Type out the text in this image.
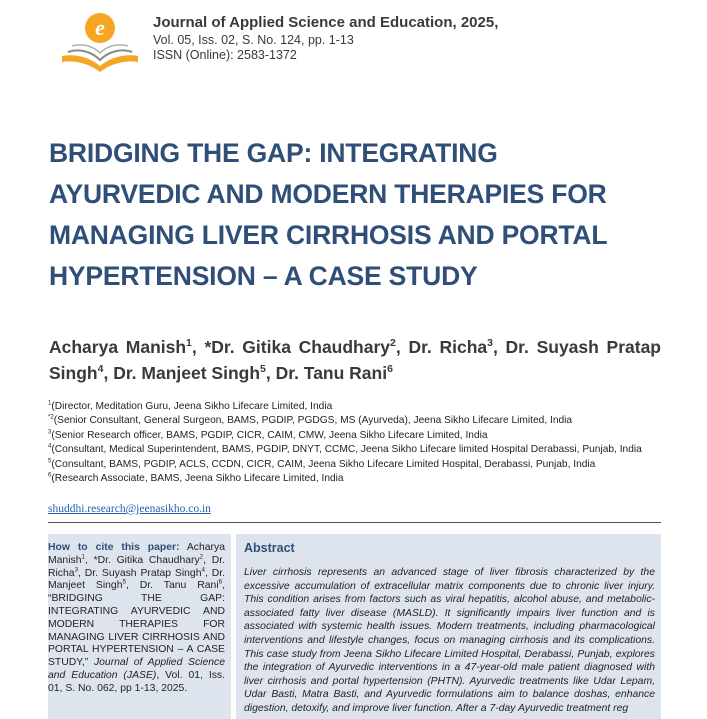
e	Journal of Applied Science and Education, 2025,
Vol. 05, Iss. 02, S. No. 124, pp. 1-13
ISSN (Online): 2583-1372
BRIDGING THE GAP: INTEGRATING
AYURVEDIC AND MODERN THERAPIES FOR
MANAGING LIVER CIRRHOSIS AND PORTAL
HYPERTENSION – A CASE STUDY
Acharya Manish$^1$, *Dr. Gitika Chaudhary$^2$, Dr. Richa$^3$, Dr. Suyash Pratap Singh$^4$, Dr. Manjeet Singh$^5$, Dr. Tanu Rani$^6$
$^1$(Director, Meditation Guru, Jeena Sikho Lifecare Limited, India
$^{*2}$(Senior Consultant, General Surgeon, BAMS, PGDIP, PGDGS, MS (Ayurveda), Jeena Sikho Lifecare Limited, India
$^3$(Senior Research officer, BAMS, PGDIP, CICR, CAIM, CMW, Jeena Sikho Lifecare Limited, India
$^4$(Consultant, Medical Superintendent, BAMS, PGDIP, DNYT, CCMC, Jeena Sikho Lifecare limited Hospital Derabassi, Punjab, India
$^5$(Consultant, BAMS, PGDIP, ACLS, CCDN, CICR, CAIM, Jeena Sikho Lifecare Limited Hospital, Derabassi, Punjab, India
$^6$(Research Associate, BAMS, Jeena Sikho Lifecare Limited, India
shuddhi.research@jeenasikho.co.in
How to cite this paper: Acharya Manish$^1$, *Dr. Gitika Chaudhary$^2$, Dr. Richa$^3$, Dr. Suyash Pratap Singh$^4$, Dr. Manjeet Singh$^5$, Dr. Tanu Rani$^6$, “BRIDGING THE GAP: INTEGRATING AYURVEDIC AND MODERN THERAPIES FOR MANAGING LIVER CIRRHOSIS AND PORTAL HYPERTENSION – A CASE STUDY,” Journal of Applied Science and Education (JASE), Vol. 01, Iss. 01, S. No. 062, pp 1-13, 2025.
Abstract

Liver cirrhosis represents an advanced stage of liver fibrosis characterized by the excessive accumulation of extracellular matrix components due to chronic liver injury. This condition arises from factors such as viral hepatitis, alcohol abuse, and metabolic-associated fatty liver disease (MASLD). It significantly impairs liver function and is associated with systemic health issues. Modern treatments, including pharmacological interventions and lifestyle changes, focus on managing cirrhosis and its complications. This case study from Jeena Sikho Lifecare Limited Hospital, Derabassi, Punjab, explores the integration of Ayurvedic interventions in a 47-year-old male patient diagnosed with liver cirrhosis and portal hypertension (PHTN). Ayurvedic treatments like Udar Lepam, Udar Basti, Matra Basti, and Ayurvedic formulations aim to balance doshas, enhance digestion, detoxify, and improve liver function. After a 7-day Ayurvedic treatment reg
